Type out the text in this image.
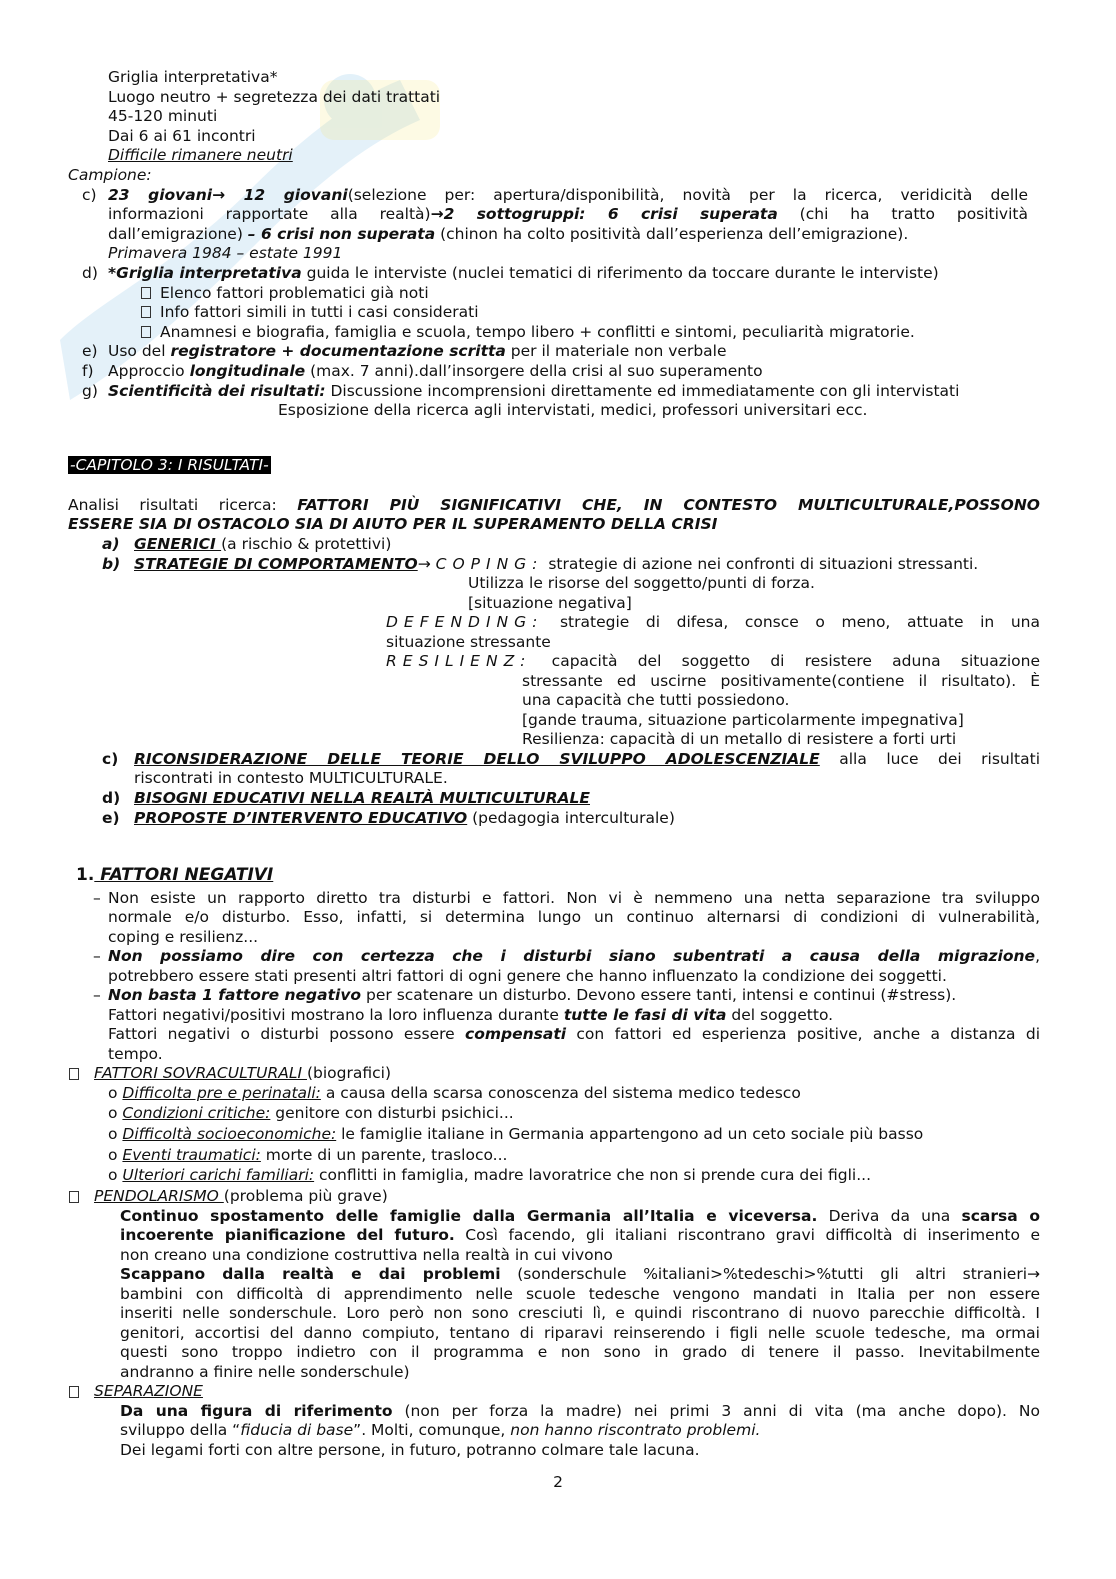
Griglia interpretativa*
Luogo neutro + segretezza dei dati trattati
45-120 minuti
Dai 6 ai 61 incontri
Difficile rimanere neutri
Campione:
c) 23 giovani→ 12 giovani(selezione per: apertura/disponibilità, novità per la ricerca, veridicità delle
informazioni rapportate alla realtà)→2 sottogruppi: 6 crisi superata (chi ha tratto positività
dall’emigrazione) – 6 crisi non superata (chinon ha colto positività dall’esperienza dell’emigrazione).
Primavera 1984 – estate 1991
d) *Griglia interpretativa guida le interviste (nuclei tematici di riferimento da toccare durante le interviste)
Elenco fattori problematici già noti
Info fattori simili in tutti i casi considerati
Anamnesi e biografia, famiglia e scuola, tempo libero + conflitti e sintomi, peculiarità migratorie.
e) Uso del registratore + documentazione scritta per il materiale non verbale
f) Approccio longitudinale (max. 7 anni).dall’insorgere della crisi al suo superamento
g) Scientificità dei risultati: Discussione incomprensioni direttamente ed immediatamente con gli intervistati
Esposizione della ricerca agli intervistati, medici, professori universitari ecc.
-CAPITOLO 3: I RISULTATI-
Analisi risultati ricerca: FATTORI PIÙ SIGNIFICATIVI CHE, IN CONTESTO MULTICULTURALE,POSSONO
ESSERE SIA DI OSTACOLO SIA DI AIUTO PER IL SUPERAMENTO DELLA CRISI
a) GENERICI (a rischio & protettivi)
b) STRATEGIE DI COMPORTAMENTO→ COPING: strategie di azione nei confronti di situazioni stressanti.
Utilizza le risorse del soggetto/punti di forza.
[situazione negativa]
DEFENDING: strategie di difesa, consce o meno, attuate in una
situazione stressante
RESILIENZ: capacità del soggetto di resistere aduna situazione
stressante ed uscirne positivamente(contiene il risultato). È
una capacità che tutti possiedono.
[gande trauma, situazione particolarmente impegnativa]
Resilienza: capacità di un metallo di resistere a forti urti
c) RICONSIDERAZIONE DELLE TEORIE DELLO SVILUPPO ADOLESCENZIALE alla luce dei risultati
riscontrati in contesto MULTICULTURALE.
d) BISOGNI EDUCATIVI NELLA REALTÀ MULTICULTURALE
e) PROPOSTE D’INTERVENTO EDUCATIVO (pedagogia interculturale)
1. FATTORI NEGATIVI
– Non esiste un rapporto diretto tra disturbi e fattori. Non vi è nemmeno una netta separazione tra sviluppo
normale e/o disturbo. Esso, infatti, si determina lungo un continuo alternarsi di condizioni di vulnerabilità,
coping e resilienz...
– Non possiamo dire con certezza che i disturbi siano subentrati a causa della migrazione,
potrebbero essere stati presenti altri fattori di ogni genere che hanno influenzato la condizione dei soggetti.
– Non basta 1 fattore negativo per scatenare un disturbo. Devono essere tanti, intensi e continui (#stress).
Fattori negativi/positivi mostrano la loro influenza durante tutte le fasi di vita del soggetto.
Fattori negativi o disturbi possono essere compensati con fattori ed esperienza positive, anche a distanza di
tempo.
FATTORI SOVRACULTURALI (biografici)
o Difficolta pre e perinatali: a causa della scarsa conoscenza del sistema medico tedesco
o Condizioni critiche: genitore con disturbi psichici...
o Difficoltà socioeconomiche: le famiglie italiane in Germania appartengono ad un ceto sociale più basso
o Eventi traumatici: morte di un parente, trasloco...
o Ulteriori carichi familiari: conflitti in famiglia, madre lavoratrice che non si prende cura dei figli...
PENDOLARISMO (problema più grave)
Continuo spostamento delle famiglie dalla Germania all’Italia e viceversa. Deriva da una scarsa o
incoerente pianificazione del futuro. Così facendo, gli italiani riscontrano gravi difficoltà di inserimento e
non creano una condizione costruttiva nella realtà in cui vivono
Scappano dalla realtà e dai problemi (sonderschule %italiani>%tedeschi>%tutti gli altri stranieri→
bambini con difficoltà di apprendimento nelle scuole tedesche vengono mandati in Italia per non essere
inseriti nelle sonderschule. Loro però non sono cresciuti lì, e quindi riscontrano di nuovo parecchie difficoltà. I
genitori, accortisi del danno compiuto, tentano di riparavi reinserendo i figli nelle scuole tedesche, ma ormai
questi sono troppo indietro con il programma e non sono in grado di tenere il passo. Inevitabilmente
andranno a finire nelle sonderschule)
SEPARAZIONE
Da una figura di riferimento (non per forza la madre) nei primi 3 anni di vita (ma anche dopo). No
sviluppo della “fiducia di base”. Molti, comunque, non hanno riscontrato problemi.
Dei legami forti con altre persone, in futuro, potranno colmare tale lacuna.
2
